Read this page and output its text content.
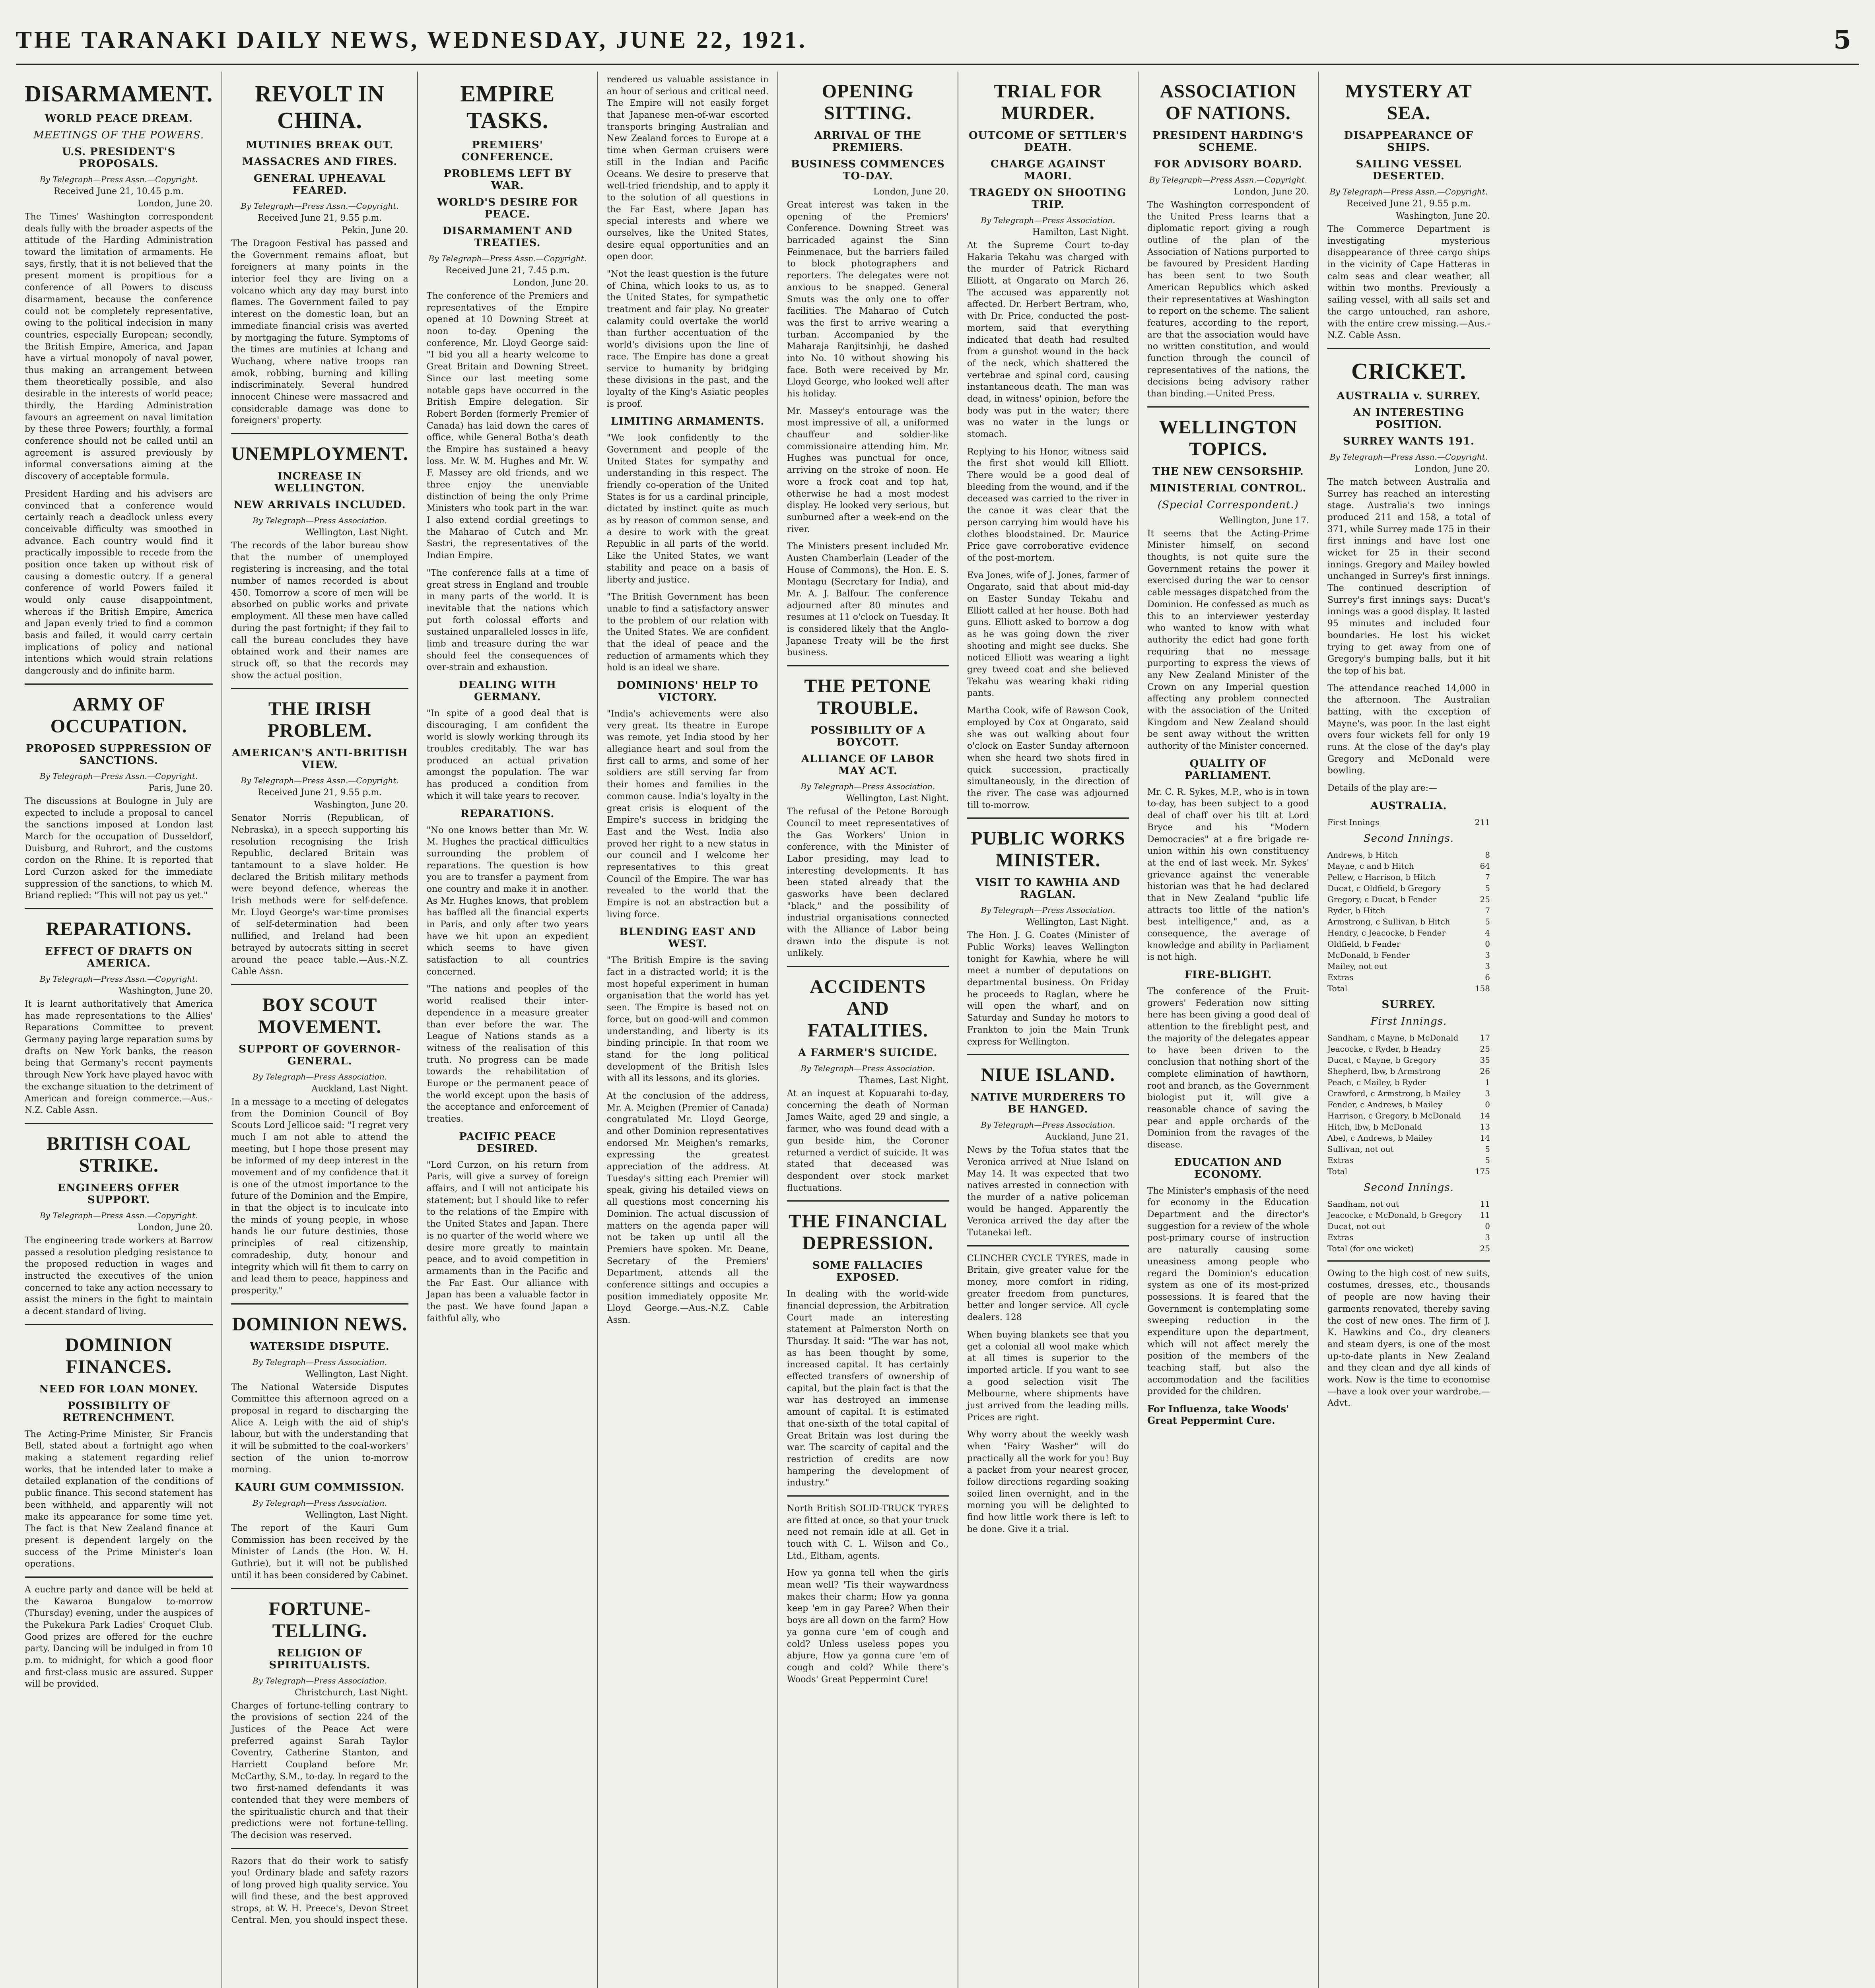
THE TARANAKI DAILY NEWS, WEDNESDAY, JUNE 22, 1921.	5
DISARMAMENT.
WORLD PEACE DREAM.
MEETINGS OF THE POWERS.
U.S. PRESIDENT'S PROPOSALS.
By Telegraph—Press Assn.—Copyright.
Received June 21, 10.45 p.m.
London, June 20.

The Times' Washington correspondent deals fully with the broader aspects of the attitude of the Harding Administration toward the limitation of armaments. He says, firstly, that it is not believed that the present moment is propitious for a conference of all Powers to discuss disarmament, because the conference could not be completely representative, owing to the political indecision in many countries, especially European; secondly, the British Empire, America, and Japan have a virtual monopoly of naval power, thus making an arrangement between them theoretically possible, and also desirable in the interests of world peace; thirdly, the Harding Administration favours an agreement on naval limitation by these three Powers; fourthly, a formal conference should not be called until an agreement is assured previously by informal conversations aiming at the discovery of acceptable formula.

President Harding and his advisers are convinced that a conference would certainly reach a deadlock unless every conceivable difficulty was smoothed in advance. Each country would find it practically impossible to recede from the position once taken up without risk of causing a domestic outcry. If a general conference of world Powers failed it would only cause disappointment, whereas if the British Empire, America and Japan evenly tried to find a common basis and failed, it would carry certain implications of policy and national intentions which would strain relations dangerously and do infinite harm.

ARMY OF OCCUPATION.
PROPOSED SUPPRESSION OF SANCTIONS.
By Telegraph—Press Assn.—Copyright.
Paris, June 20.

The discussions at Boulogne in July are expected to include a proposal to cancel the sanctions imposed at London last March for the occupation of Dusseldorf, Duisburg, and Ruhrort, and the customs cordon on the Rhine. It is reported that Lord Curzon asked for the immediate suppression of the sanctions, to which M. Briand replied: "This will not pay us yet."

REPARATIONS.
EFFECT OF DRAFTS ON AMERICA.
By Telegraph—Press Assn.—Copyright.
Washington, June 20.

It is learnt authoritatively that America has made representations to the Allies' Reparations Committee to prevent Germany paying large reparation sums by drafts on New York banks, the reason being that Germany's recent payments through New York have played havoc with the exchange situation to the detriment of American and foreign commerce.—Aus.-N.Z. Cable Assn.

BRITISH COAL STRIKE.
ENGINEERS OFFER SUPPORT.
By Telegraph—Press Assn.—Copyright.
London, June 20.

The engineering trade workers at Barrow passed a resolution pledging resistance to the proposed reduction in wages and instructed the executives of the union concerned to take any action necessary to assist the miners in the fight to maintain a decent standard of living.

DOMINION FINANCES.
NEED FOR LOAN MONEY.
POSSIBILITY OF RETRENCHMENT.

The Acting-Prime Minister, Sir Francis Bell, stated about a fortnight ago when making a statement regarding relief works, that he intended later to make a detailed explanation of the conditions of public finance. This second statement has been withheld, and apparently will not make its appearance for some time yet. The fact is that New Zealand finance at present is dependent largely on the success of the Prime Minister's loan operations.

A euchre party and dance will be held at the Kawaroa Bungalow to-morrow (Thursday) evening, under the auspices of the Pukekura Park Ladies' Croquet Club. Good prizes are offered for the euchre party. Dancing will be indulged in from 10 p.m. to midnight, for which a good floor and first-class music are assured. Supper will be provided.

REVOLT IN CHINA.
MUTINIES BREAK OUT.
MASSACRES AND FIRES.
GENERAL UPHEAVAL FEARED.
By Telegraph—Press Assn.—Copyright.
Received June 21, 9.55 p.m.
Pekin, June 20.

The Dragoon Festival has passed and the Government remains afloat, but foreigners at many points in the interior feel they are living on a volcano which any day may burst into flames. The Government failed to pay interest on the domestic loan, but an immediate financial crisis was averted by mortgaging the future. Symptoms of the times are mutinies at Ichang and Wuchang, where native troops ran amok, robbing, burning and killing indiscriminately. Several hundred innocent Chinese were massacred and considerable damage was done to foreigners' property.

UNEMPLOYMENT.
INCREASE IN WELLINGTON.
NEW ARRIVALS INCLUDED.
By Telegraph—Press Association.
Wellington, Last Night.

The records of the labor bureau show that the number of unemployed registering is increasing, and the total number of names recorded is about 450. Tomorrow a score of men will be absorbed on public works and private employment. All these men have called during the past fortnight; if they fail to call the bureau concludes they have obtained work and their names are struck off, so that the records may show the actual position.

THE IRISH PROBLEM.
AMERICAN'S ANTI-BRITISH VIEW.
By Telegraph—Press Assn.—Copyright.
Received June 21, 9.55 p.m.
Washington, June 20.

Senator Norris (Republican, of Nebraska), in a speech supporting his resolution recognising the Irish Republic, declared Britain was tantamount to a slave holder. He declared the British military methods were beyond defence, whereas the Irish methods were for self-defence. Mr. Lloyd George's war-time promises of self-determination had been nullified, and Ireland had been betrayed by autocrats sitting in secret around the peace table.—Aus.-N.Z. Cable Assn.

BOY SCOUT MOVEMENT.
SUPPORT OF GOVERNOR-GENERAL.
By Telegraph—Press Association.
Auckland, Last Night.

In a message to a meeting of delegates from the Dominion Council of Boy Scouts Lord Jellicoe said: "I regret very much I am not able to attend the meeting, but I hope those present may be informed of my deep interest in the movement and of my confidence that it is one of the utmost importance to the future of the Dominion and the Empire, in that the object is to inculcate into the minds of young people, in whose hands lie our future destinies, those principles of real citizenship, comradeship, duty, honour and integrity which will fit them to carry on and lead them to peace, happiness and prosperity."

DOMINION NEWS.
WATERSIDE DISPUTE.
By Telegraph—Press Association.
Wellington, Last Night.

The National Waterside Disputes Committee this afternoon agreed on a proposal in regard to discharging the Alice A. Leigh with the aid of ship's labour, but with the understanding that it will be submitted to the coal-workers' section of the union to-morrow morning.

KAURI GUM COMMISSION.
By Telegraph—Press Association.
Wellington, Last Night.

The report of the Kauri Gum Commission has been received by the Minister of Lands (the Hon. W. H. Guthrie), but it will not be published until it has been considered by Cabinet.

FORTUNE-TELLING.
RELIGION OF SPIRITUALISTS.
By Telegraph—Press Association.
Christchurch, Last Night.

Charges of fortune-telling contrary to the provisions of section 224 of the Justices of the Peace Act were preferred against Sarah Taylor Coventry, Catherine Stanton, and Harriett Coupland before Mr. McCarthy, S.M., to-day. In regard to the two first-named defendants it was contended that they were members of the spiritualistic church and that their predictions were not fortune-telling. The decision was reserved.

Razors that do their work to satisfy you! Ordinary blade and safety razors of long proved high quality service. You will find these, and the best approved strops, at W. H. Preece's, Devon Street Central. Men, you should inspect these.

EMPIRE TASKS.
PREMIERS' CONFERENCE.
PROBLEMS LEFT BY WAR.
WORLD'S DESIRE FOR PEACE.
DISARMAMENT AND TREATIES.
By Telegraph—Press Assn.—Copyright.
Received June 21, 7.45 p.m.
London, June 20.

The conference of the Premiers and representatives of the Empire opened at 10 Downing Street at noon to-day. Opening the conference, Mr. Lloyd George said: "I bid you all a hearty welcome to Great Britain and Downing Street. Since our last meeting some notable gaps have occurred in the British Empire delegation. Sir Robert Borden (formerly Premier of Canada) has laid down the cares of office, while General Botha's death the Empire has sustained a heavy loss. Mr. W. M. Hughes and Mr. W. F. Massey are old friends, and we three enjoy the unenviable distinction of being the only Prime Ministers who took part in the war. I also extend cordial greetings to the Maharao of Cutch and Mr. Sastri, the representatives of the Indian Empire.

"The conference falls at a time of great stress in England and trouble in many parts of the world. It is inevitable that the nations which put forth colossal efforts and sustained unparalleled losses in life, limb and treasure during the war should feel the consequences of over-strain and exhaustion.

DEALING WITH GERMANY.

"In spite of a good deal that is discouraging, I am confident the world is slowly working through its troubles creditably. The war has produced an actual privation amongst the population. The war has produced a condition from which it will take years to recover.

REPARATIONS.

"No one knows better than Mr. W. M. Hughes the practical difficulties surrounding the problem of reparations. The question is how you are to transfer a payment from one country and make it in another. As Mr. Hughes knows, that problem has baffled all the financial experts in Paris, and only after two years have we hit upon an expedient which seems to have given satisfaction to all countries concerned.

"The nations and peoples of the world realised their inter-dependence in a measure greater than ever before the war. The League of Nations stands as a witness of the realisation of this truth. No progress can be made towards the rehabilitation of Europe or the permanent peace of the world except upon the basis of the acceptance and enforcement of treaties.

PACIFIC PEACE DESIRED.

"Lord Curzon, on his return from Paris, will give a survey of foreign affairs, and I will not anticipate his statement; but I should like to refer to the relations of the Empire with the United States and Japan. There is no quarter of the world where we desire more greatly to maintain peace, and to avoid competition in armaments than in the Pacific and the Far East. Our alliance with Japan has been a valuable factor in the past. We have found Japan a faithful ally, who

rendered us valuable assistance in an hour of serious and critical need. The Empire will not easily forget that Japanese men-of-war escorted transports bringing Australian and New Zealand forces to Europe at a time when German cruisers were still in the Indian and Pacific Oceans. We desire to preserve that well-tried friendship, and to apply it to the solution of all questions in the Far East, where Japan has special interests and where we ourselves, like the United States, desire equal opportunities and an open door.

"Not the least question is the future of China, which looks to us, as to the United States, for sympathetic treatment and fair play. No greater calamity could overtake the world than further accentuation of the world's divisions upon the line of race. The Empire has done a great service to humanity by bridging these divisions in the past, and the loyalty of the King's Asiatic peoples is proof.

LIMITING ARMAMENTS.

"We look confidently to the Government and people of the United States for sympathy and understanding in this respect. The friendly co-operation of the United States is for us a cardinal principle, dictated by instinct quite as much as by reason of common sense, and a desire to work with the great Republic in all parts of the world. Like the United States, we want stability and peace on a basis of liberty and justice.

"The British Government has been unable to find a satisfactory answer to the problem of our relation with the United States. We are confident that the ideal of peace and the reduction of armaments which they hold is an ideal we share.

DOMINIONS' HELP TO VICTORY.

"India's achievements were also very great. Its theatre in Europe was remote, yet India stood by her allegiance heart and soul from the first call to arms, and some of her soldiers are still serving far from their homes and families in the common cause. India's loyalty in the great crisis is eloquent of the Empire's success in bridging the East and the West. India also proved her right to a new status in our council and I welcome her representatives to this great Council of the Empire. The war has revealed to the world that the Empire is not an abstraction but a living force.

BLENDING EAST AND WEST.

"The British Empire is the saving fact in a distracted world; it is the most hopeful experiment in human organisation that the world has yet seen. The Empire is based not on force, but on good-will and common understanding, and liberty is its binding principle. In that room we stand for the long political development of the British Isles with all its lessons, and its glories.

At the conclusion of the address, Mr. A. Meighen (Premier of Canada) congratulated Mr. Lloyd George, and other Dominion representatives endorsed Mr. Meighen's remarks, expressing the greatest appreciation of the address. At Tuesday's sitting each Premier will speak, giving his detailed views on all questions most concerning his Dominion. The actual discussion of matters on the agenda paper will not be taken up until all the Premiers have spoken. Mr. Deane, Secretary of the Premiers' Department, attends all the conference sittings and occupies a position immediately opposite Mr. Lloyd George.—Aus.-N.Z. Cable Assn.

OPENING SITTING.
ARRIVAL OF THE PREMIERS.
BUSINESS COMMENCES TO-DAY.
London, June 20.

Great interest was taken in the opening of the Premiers' Conference. Downing Street was barricaded against the Sinn Feinmenace, but the barriers failed to block photographers and reporters. The delegates were not anxious to be snapped. General Smuts was the only one to offer facilities. The Maharao of Cutch was the first to arrive wearing a turban. Accompanied by the Maharaja Ranjitsinhji, he dashed into No. 10 without showing his face. Both were received by Mr. Lloyd George, who looked well after his holiday.

Mr. Massey's entourage was the most impressive of all, a uniformed chauffeur and soldier-like commissionaire attending him. Mr. Hughes was punctual for once, arriving on the stroke of noon. He wore a frock coat and top hat, otherwise he had a most modest display. He looked very serious, but sunburned after a week-end on the river.

The Ministers present included Mr. Austen Chamberlain (Leader of the House of Commons), the Hon. E. S. Montagu (Secretary for India), and Mr. A. J. Balfour. The conference adjourned after 80 minutes and resumes at 11 o'clock on Tuesday. It is considered likely that the Anglo-Japanese Treaty will be the first business.

THE PETONE TROUBLE.
POSSIBILITY OF A BOYCOTT.
ALLIANCE OF LABOR MAY ACT.
By Telegraph—Press Association.
Wellington, Last Night.

The refusal of the Petone Borough Council to meet representatives of the Gas Workers' Union in conference, with the Minister of Labor presiding, may lead to interesting developments. It has been stated already that the gasworks have been declared "black," and the possibility of industrial organisations connected with the Alliance of Labor being drawn into the dispute is not unlikely.

ACCIDENTS AND FATALITIES.
A FARMER'S SUICIDE.
By Telegraph—Press Association.
Thames, Last Night.

At an inquest at Kopuarahi to-day, concerning the death of Norman James Waite, aged 29 and single, a farmer, who was found dead with a gun beside him, the Coroner returned a verdict of suicide. It was stated that deceased was despondent over stock market fluctuations.

THE FINANCIAL DEPRESSION.
SOME FALLACIES EXPOSED.

In dealing with the world-wide financial depression, the Arbitration Court made an interesting statement at Palmerston North on Thursday. It said: "The war has not, as has been thought by some, increased capital. It has certainly effected transfers of ownership of capital, but the plain fact is that the war has destroyed an immense amount of capital. It is estimated that one-sixth of the total capital of Great Britain was lost during the war. The scarcity of capital and the restriction of credits are now hampering the development of industry."

North British SOLID-TRUCK TYRES are fitted at once, so that your truck need not remain idle at all. Get in touch with C. L. Wilson and Co., Ltd., Eltham, agents.

How ya gonna tell when the girls mean well? 'Tis their waywardness makes their charm; How ya gonna keep 'em in gay Paree? When their boys are all down on the farm? How ya gonna cure 'em of cough and cold? Unless useless popes you abjure, How ya gonna cure 'em of cough and cold? While there's Woods' Great Peppermint Cure!

TRIAL FOR MURDER.
OUTCOME OF SETTLER'S DEATH.
CHARGE AGAINST MAORI.
TRAGEDY ON SHOOTING TRIP.
By Telegraph—Press Association.
Hamilton, Last Night.

At the Supreme Court to-day Hakaria Tekahu was charged with the murder of Patrick Richard Elliott, at Ongarato on March 26. The accused was apparently not affected. Dr. Herbert Bertram, who, with Dr. Price, conducted the post-mortem, said that everything indicated that death had resulted from a gunshot wound in the back of the neck, which shattered the vertebrae and spinal cord, causing instantaneous death. The man was dead, in witness' opinion, before the body was put in the water; there was no water in the lungs or stomach.

Replying to his Honor, witness said the first shot would kill Elliott. There would be a good deal of bleeding from the wound, and if the deceased was carried to the river in the canoe it was clear that the person carrying him would have his clothes bloodstained. Dr. Maurice Price gave corroborative evidence of the post-mortem.

Eva Jones, wife of J. Jones, farmer of Ongarato, said that about mid-day on Easter Sunday Tekahu and Elliott called at her house. Both had guns. Elliott asked to borrow a dog as he was going down the river shooting and might see ducks. She noticed Elliott was wearing a light grey tweed coat and she believed Tekahu was wearing khaki riding pants.

Martha Cook, wife of Rawson Cook, employed by Cox at Ongarato, said she was out walking about four o'clock on Easter Sunday afternoon when she heard two shots fired in quick succession, practically simultaneously, in the direction of the river. The case was adjourned till to-morrow.

PUBLIC WORKS MINISTER.
VISIT TO KAWHIA AND RAGLAN.
By Telegraph—Press Association.
Wellington, Last Night.

The Hon. J. G. Coates (Minister of Public Works) leaves Wellington tonight for Kawhia, where he will meet a number of deputations on departmental business. On Friday he proceeds to Raglan, where he will open the wharf, and on Saturday and Sunday he motors to Frankton to join the Main Trunk express for Wellington.

NIUE ISLAND.
NATIVE MURDERERS TO BE HANGED.
By Telegraph—Press Association.
Auckland, June 21.

News by the Tofua states that the Veronica arrived at Niue Island on May 14. It was expected that two natives arrested in connection with the murder of a native policeman would be hanged. Apparently the Veronica arrived the day after the Tutanekai left.

CLINCHER CYCLE TYRES, made in Britain, give greater value for the money, more comfort in riding, greater freedom from punctures, better and longer service. All cycle dealers. 128

When buying blankets see that you get a colonial all wool make which at all times is superior to the imported article. If you want to see a good selection visit The Melbourne, where shipments have just arrived from the leading mills. Prices are right.

Why worry about the weekly wash when "Fairy Washer" will do practically all the work for you! Buy a packet from your nearest grocer, follow directions regarding soaking soiled linen overnight, and in the morning you will be delighted to find how little work there is left to be done. Give it a trial.

ASSOCIATION OF NATIONS.
PRESIDENT HARDING'S SCHEME.
FOR ADVISORY BOARD.
By Telegraph—Press Assn.—Copyright.
London, June 20.

The Washington correspondent of the United Press learns that a diplomatic report giving a rough outline of the plan of the Association of Nations purported to be favoured by President Harding has been sent to two South American Republics which asked their representatives at Washington to report on the scheme. The salient features, according to the report, are that the association would have no written constitution, and would function through the council of representatives of the nations, the decisions being advisory rather than binding.—United Press.

WELLINGTON TOPICS.
THE NEW CENSORSHIP.
MINISTERIAL CONTROL.
(Special Correspondent.)
Wellington, June 17.

It seems that the Acting-Prime Minister himself, on second thoughts, is not quite sure the Government retains the power it exercised during the war to censor cable messages dispatched from the Dominion. He confessed as much as this to an interviewer yesterday who wanted to know with what authority the edict had gone forth requiring that no message purporting to express the views of any New Zealand Minister of the Crown on any Imperial question affecting any problem connected with the association of the United Kingdom and New Zealand should be sent away without the written authority of the Minister concerned.

QUALITY OF PARLIAMENT.

Mr. C. R. Sykes, M.P., who is in town to-day, has been subject to a good deal of chaff over his tilt at Lord Bryce and his "Modern Democracies" at a fire brigade re-union within his own constituency at the end of last week. Mr. Sykes' grievance against the venerable historian was that he had declared that in New Zealand "public life attracts too little of the nation's best intelligence," and, as a consequence, the average of knowledge and ability in Parliament is not high.

FIRE-BLIGHT.

The conference of the Fruit-growers' Federation now sitting here has been giving a good deal of attention to the fireblight pest, and the majority of the delegates appear to have been driven to the conclusion that nothing short of the complete elimination of hawthorn, root and branch, as the Government biologist put it, will give a reasonable chance of saving the pear and apple orchards of the Dominion from the ravages of the disease.

EDUCATION AND ECONOMY.

The Minister's emphasis of the need for economy in the Education Department and the director's suggestion for a review of the whole post-primary course of instruction are naturally causing some uneasiness among people who regard the Dominion's education system as one of its most-prized possessions. It is feared that the Government is contemplating some sweeping reduction in the expenditure upon the department, which will not affect merely the position of the members of the teaching staff, but also the accommodation and the facilities provided for the children.

For Influenza, take Woods' Great Peppermint Cure.
MYSTERY AT SEA.
DISAPPEARANCE OF SHIPS.
SAILING VESSEL DESERTED.
By Telegraph—Press Assn.—Copyright.
Received June 21, 9.55 p.m.
Washington, June 20.

The Commerce Department is investigating mysterious disappearance of three cargo ships in the vicinity of Cape Hatteras in calm seas and clear weather, all within two months. Previously a sailing vessel, with all sails set and the cargo untouched, ran ashore, with the entire crew missing.—Aus.-N.Z. Cable Assn.

CRICKET.
AUSTRALIA v. SURREY.
AN INTERESTING POSITION.
SURREY WANTS 191.
By Telegraph—Press Assn.—Copyright.
London, June 20.

The match between Australia and Surrey has reached an interesting stage. Australia's two innings produced 211 and 158, a total of 371, while Surrey made 175 in their first innings and have lost one wicket for 25 in their second innings. Gregory and Mailey bowled unchanged in Surrey's first innings. The continued description of Surrey's first innings says: Ducat's innings was a good display. It lasted 95 minutes and included four boundaries. He lost his wicket trying to get away from one of Gregory's bumping balls, but it hit the top of his bat.

The attendance reached 14,000 in the afternoon. The Australian batting, with the exception of Mayne's, was poor. In the last eight overs four wickets fell for only 19 runs. At the close of the day's play Gregory and McDonald were bowling.

Details of the play are:—
AUSTRALIA.
First Innings	211
Second Innings.
Andrews, b Hitch	8
Mayne, c and b Hitch	64
Pellew, c Harrison, b Hitch	7
Ducat, c Oldfield, b Gregory	5
Gregory, c Ducat, b Fender	25
Ryder, b Hitch	7
Armstrong, c Sullivan, b Hitch	5
Hendry, c Jeacocke, b Fender	4
Oldfield, b Fender	0
McDonald, b Fender	3
Mailey, not out	3
Extras	6
Total	158
SURREY.
First Innings.
Sandham, c Mayne, b McDonald	17
Jeacocke, c Ryder, b Hendry	25
Ducat, c Mayne, b Gregory	35
Shepherd, lbw, b Armstrong	26
Peach, c Mailey, b Ryder	1
Crawford, c Armstrong, b Mailey	3
Fender, c Andrews, b Mailey	0
Harrison, c Gregory, b McDonald	14
Hitch, lbw, b McDonald	13
Abel, c Andrews, b Mailey	14
Sullivan, not out	5
Extras	5
Total	175
Second Innings.
Sandham, not out	11
Jeacocke, c McDonald, b Gregory	11
Ducat, not out	0
Extras	3
Total (for one wicket)	25

Owing to the high cost of new suits, costumes, dresses, etc., thousands of people are now having their garments renovated, thereby saving the cost of new ones. The firm of J. K. Hawkins and Co., dry cleaners and steam dyers, is one of the most up-to-date plants in New Zealand and they clean and dye all kinds of work. Now is the time to economise—have a look over your wardrobe.—Advt.
